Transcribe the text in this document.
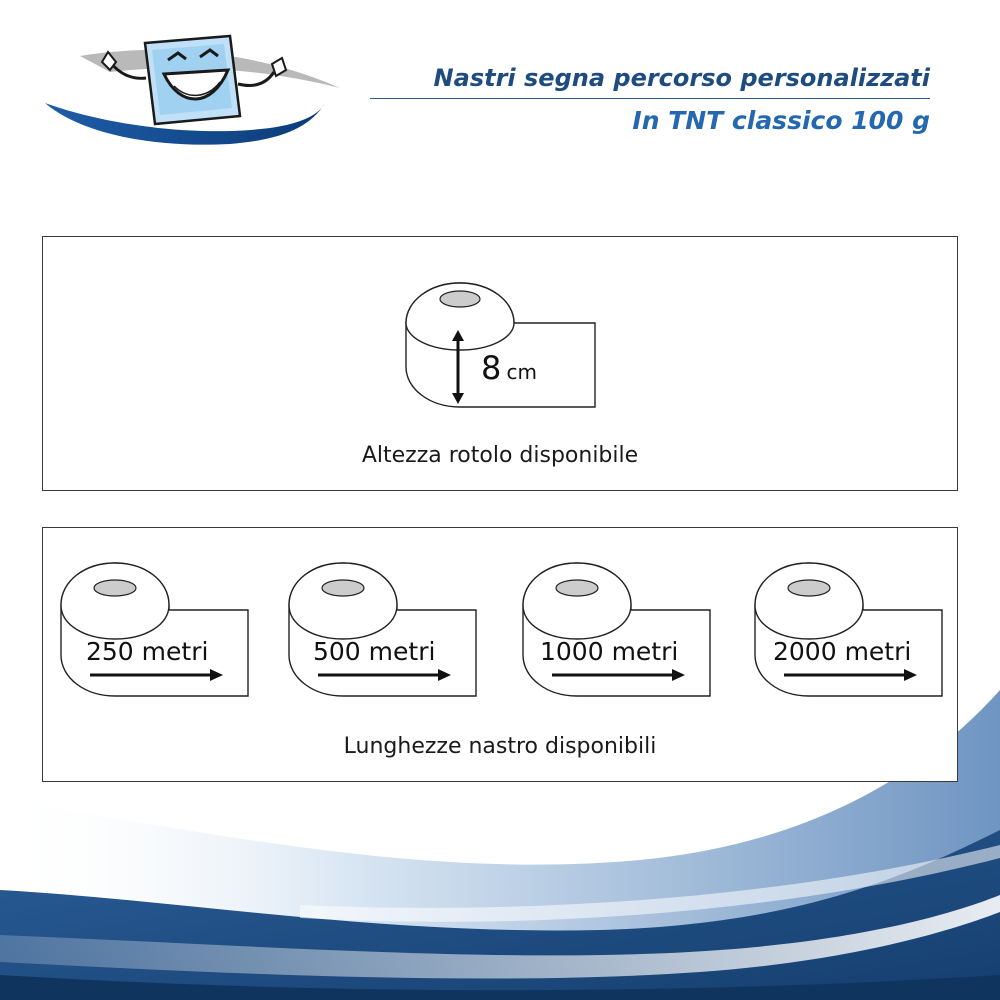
Nastri segna percorso personalizzati
In TNT classico 100 g
8 cm
Altezza rotolo disponibile
250 metri	500 metri	1000 metri	2000 metri
Lunghezze nastro disponibili
